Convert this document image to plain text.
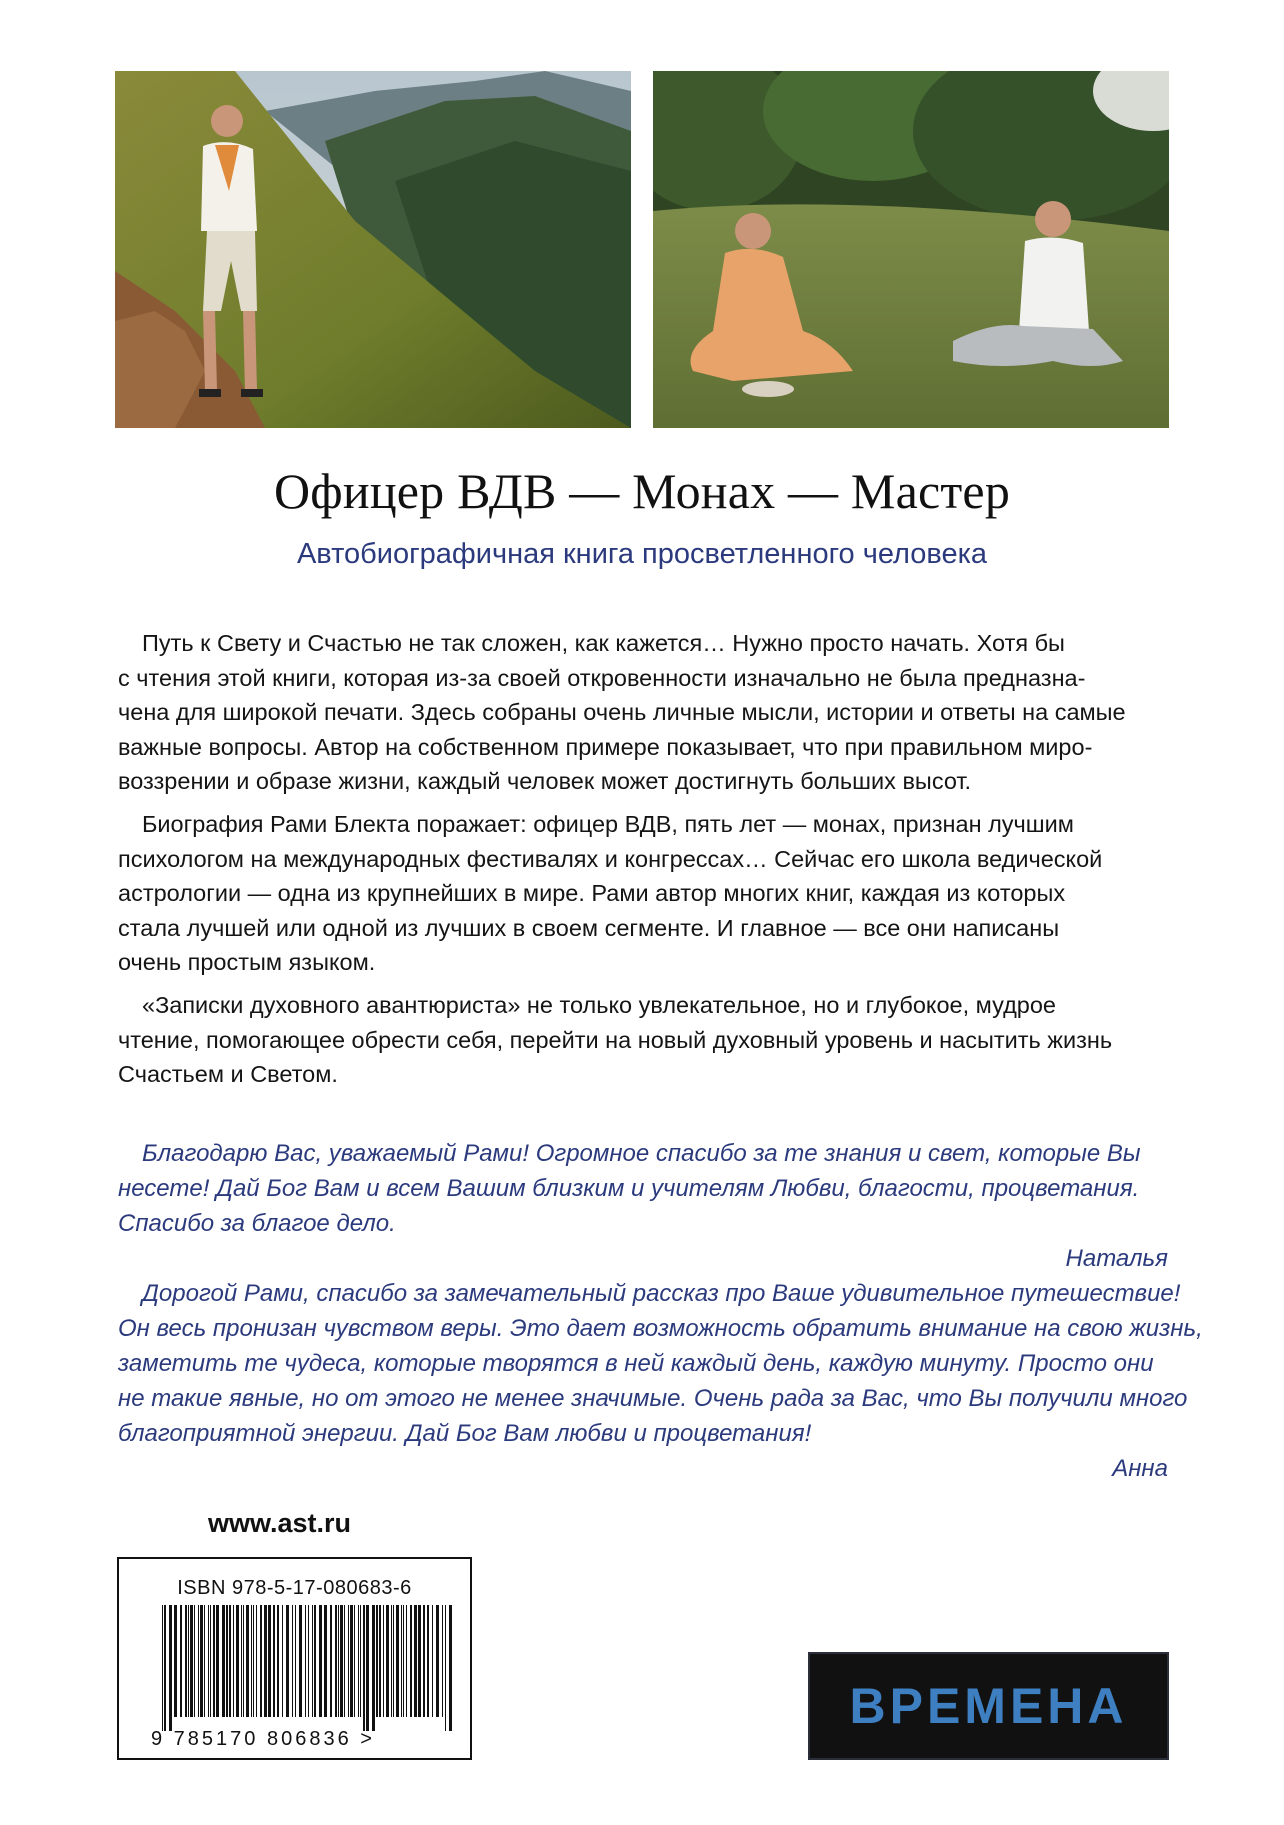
Офицер ВДВ — Монах — Мастер
Автобиографичная книга просветленного человека

Путь к Свету и Счастью не так сложен, как кажется… Нужно просто начать. Хотя бы
с чтения этой книги, которая из-за своей откровенности изначально не была предназна-
чена для широкой печати. Здесь собраны очень личные мысли, истории и ответы на самые
важные вопросы. Автор на собственном примере показывает, что при правильном миро-
воззрении и образе жизни, каждый человек может достигнуть больших высот.

Биография Рами Блекта поражает: офицер ВДВ, пять лет — монах, признан лучшим
психологом на международных фестивалях и конгрессах… Сейчас его школа ведической
астрологии — одна из крупнейших в мире. Рами автор многих книг, каждая из которых
стала лучшей или одной из лучших в своем сегменте. И главное — все они написаны
очень простым языком.

«Записки духовного авантюриста» не только увлекательное, но и глубокое, мудрое
чтение, помогающее обрести себя, перейти на новый духовный уровень и насытить жизнь
Счастьем и Светом.

Благодарю Вас, уважаемый Рами! Огромное спасибо за те знания и свет, которые Вы
несете! Дай Бог Вам и всем Вашим близким и учителям Любви, благости, процветания.
Спасибо за благое дело.
Наталья

Дорогой Рами, спасибо за замечательный рассказ про Ваше удивительное путешествие!
Он весь пронизан чувством веры. Это дает возможность обратить внимание на свою жизнь,
заметить те чудеса, которые творятся в ней каждый день, каждую минуту. Просто они
не такие явные, но от этого не менее значимые. Очень рада за Вас, что Вы получили много
благоприятной энергии. Дай Бог Вам любви и процветания!
Анна

www.ast.ru
ISBN 978-5-17-080683-6
9 785170 806836 >
ВРЕМЕНА
